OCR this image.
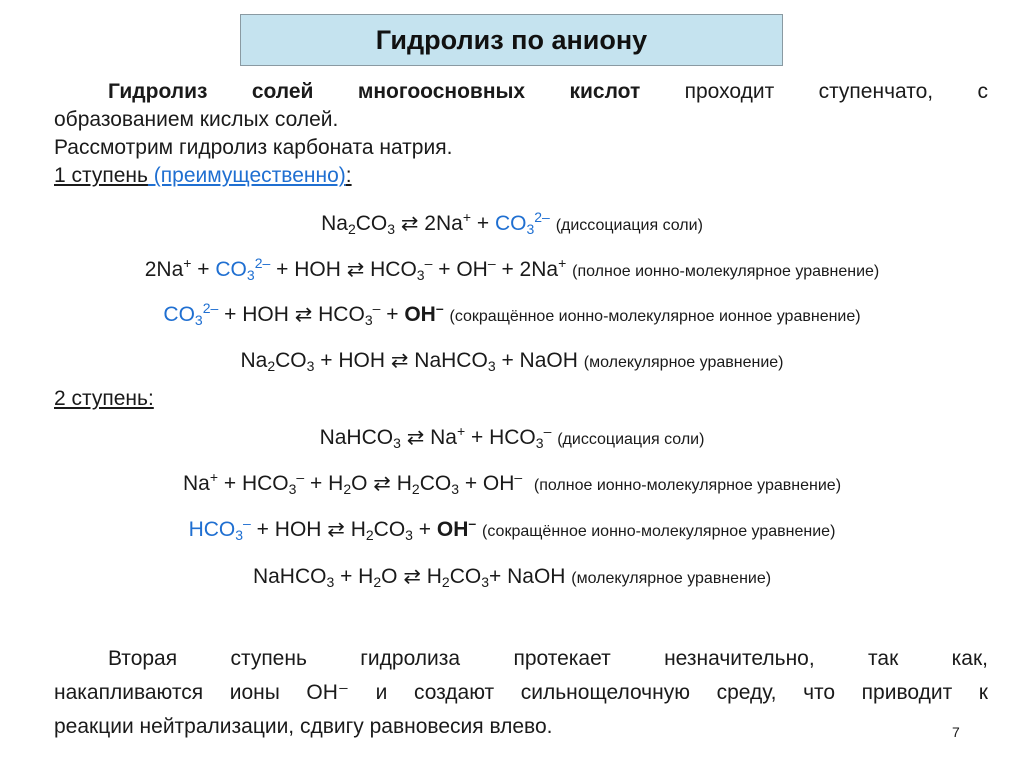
Гидролиз по аниону
Гидролиз солей многоосновных кислот проходит ступенчато, с
образованием кислых солей.
Рассмотрим гидролиз карбоната натрия.
1 ступень (преимущественно):
$Na_2CO_3$ ⇄ $2Na^+ + CO_3^{2-}$ (диссоциация соли)
$2Na^+ + CO_3^{2-}$ + HOH ⇄ $HCO_3^- + OH^- + 2Na^+$ (полное ионно-молекулярное уравнение)
$CO_3^{2-}$ + HOH ⇄ $HCO_3^- + OH^-$ (сокращённое ионно-молекулярное ионное уравнение)
$Na_2CO_3$ + HOH ⇄ NaHCO$_3$ + NaOH (молекулярное уравнение)
2 ступень:
NaHCO$_3$ ⇄ $Na^+ + HCO_3^-$ (диссоциация соли)
$Na^+ + HCO_3^- + H_2O$ ⇄ $H_2CO_3 + OH^-$ (полное ионно-молекулярное уравнение)
$HCO_3^-$ + HOH ⇄ $H_2CO_3 + OH^-$ (сокращённое ионно-молекулярное уравнение)
NaHCO$_3$ + $H_2O$ ⇄ $H_2CO_3+$ NaOH (молекулярное уравнение)
Вторая ступень гидролиза протекает незначительно, так как,
накапливаются ионы ОН⁻ и создают сильнощелочную среду, что приводит к
реакции нейтрализации, сдвигу равновесия влево.	7
